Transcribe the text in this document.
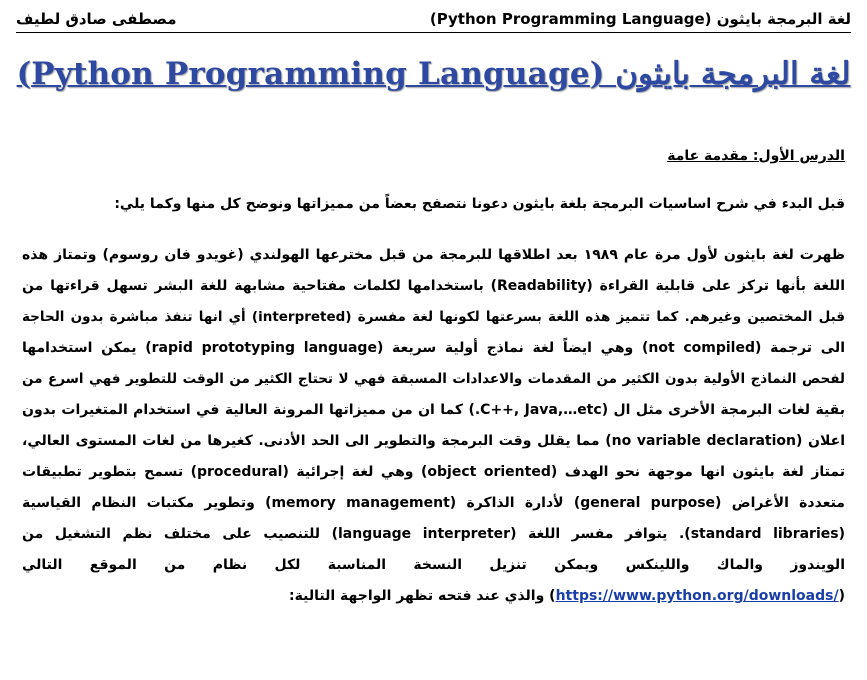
لغة البرمجة بايثون (Python Programming Language)
مصطفى صادق لطيف
لغة البرمجة بايثون (Python Programming Language)
الدرس الأول: مقدمة عامة
قبل البدء في شرح اساسيات البرمجة بلغة بايثون دعونا نتصفح بعضاً من مميزاتها ونوضح كل منها وكما يلي:
ظهرت لغة بايثون لأول مرة عام ١٩٨٩ بعد اطلاقها للبرمجة من قبل مخترعها الهولندي (غويدو فان روسوم) وتمتاز هذه
اللغة بأنها تركز على قابلية القراءة (Readability) باستخدامها لكلمات مفتاحية مشابهة للغة البشر تسهل قراءتها من
قبل المختصين وغيرهم. كما تتميز هذه اللغة بسرعتها لكونها لغة مفسرة (interpreted) أي انها تنفذ مباشرة بدون الحاجة
الى ترجمة (not compiled) وهي ايضاً لغة نماذج أولية سريعة (rapid prototyping language) يمكن استخدامها
لفحص النماذج الأولية بدون الكثير من المقدمات والاعدادات المسبقة فهي لا تحتاج الكثير من الوقت للتطوير فهي اسرع من
بقية لغات البرمجة الأخرى مثل ال (C++, Java,…etc.) كما ان من مميزاتها المرونة العالية في استخدام المتغيرات بدون
اعلان (no variable declaration) مما يقلل وقت البرمجة والتطوير الى الحد الأدنى. كغيرها من لغات المستوى العالي،
تمتاز لغة بايثون انها موجهة نحو الهدف (object oriented) وهي لغة إجرائية (procedural) تسمح بتطوير تطبيقات
متعددة الأغراض (general purpose) لأدارة الذاكرة (memory management) وتطوير مكتبات النظام القياسية
(standard libraries). يتوافر مفسر اللغة (language interpreter) للتنصيب على مختلف نظم التشغيل من
الويندوز والماك واللينكس ويمكن تنزيل النسخة المناسبة لكل نظام من الموقع التالي
(https://www.python.org/downloads/) والذي عند فتحه تظهر الواجهة التالية:
